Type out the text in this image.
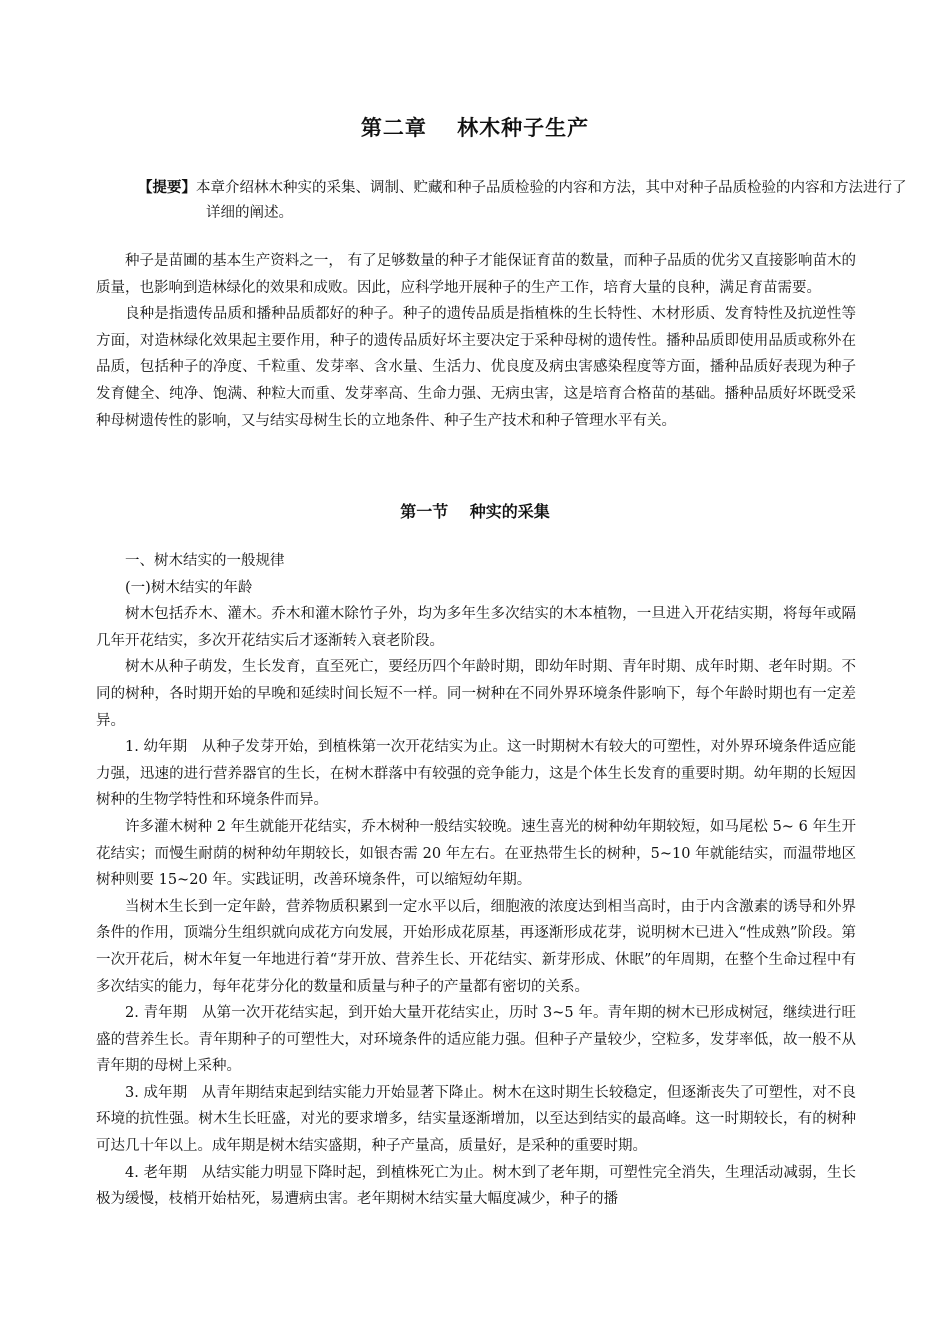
第二章　 林木种子生产

【提要】本章介绍林木种实的采集、调制、贮藏和种子品质检验的内容和方法，其中对种子品质检验的内容和方法进行了详细的阐述。

种子是苗圃的基本生产资料之一， 有了足够数量的种子才能保证育苗的数量，而种子品质的优劣又直接影响苗木的质量，也影响到造林绿化的效果和成败。因此，应科学地开展种子的生产工作，培育大量的良种，满足育苗需要。

良种是指遗传品质和播种品质都好的种子。种子的遗传品质是指植株的生长特性、木材形质、发育特性及抗逆性等方面，对造林绿化效果起主要作用，种子的遗传品质好坏主要决定于采种母树的遗传性。播种品质即使用品质或称外在品质，包括种子的净度、千粒重、发芽率、含水量、生活力、优良度及病虫害感染程度等方面，播种品质好表现为种子发育健全、纯净、饱满、种粒大而重、发芽率高、生命力强、无病虫害，这是培育合格苗的基础。播种品质好坏既受采种母树遗传性的影响，又与结实母树生长的立地条件、种子生产技术和种子管理水平有关。

第一节　 种实的采集

一、树木结实的一般规律

(一)树木结实的年龄

树木包括乔木、灌木。乔木和灌木除竹子外，均为多年生多次结实的木本植物，一旦进入开花结实期，将每年或隔几年开花结实，多次开花结实后才逐渐转入衰老阶段。

树木从种子萌发，生长发育，直至死亡，要经历四个年龄时期，即幼年时期、青年时期、成年时期、老年时期。不同的树种，各时期开始的早晚和延续时间长短不一样。同一树种在不同外界环境条件影响下，每个年龄时期也有一定差异。

1. 幼年期　从种子发芽开始，到植株第一次开花结实为止。这一时期树木有较大的可塑性，对外界环境条件适应能力强，迅速的进行营养器官的生长，在树木群落中有较强的竞争能力，这是个体生长发育的重要时期。幼年期的长短因树种的生物学特性和环境条件而异。

许多灌木树种 2 年生就能开花结实，乔木树种一般结实较晚。速生喜光的树种幼年期较短，如马尾松 5~ 6 年生开花结实；而慢生耐荫的树种幼年期较长，如银杏需 20 年左右。在亚热带生长的树种，5~10 年就能结实，而温带地区树种则要 15~20 年。实践证明，改善环境条件，可以缩短幼年期。

当树木生长到一定年龄，营养物质积累到一定水平以后，细胞液的浓度达到相当高时，由于内含激素的诱导和外界条件的作用，顶端分生组织就向成花方向发展，开始形成花原基，再逐渐形成花芽，说明树木已进入“性成熟”阶段。第一次开花后，树木年复一年地进行着“芽开放、营养生长、开花结实、新芽形成、休眠”的年周期，在整个生命过程中有多次结实的能力，每年花芽分化的数量和质量与种子的产量都有密切的关系。

2. 青年期　从第一次开花结实起，到开始大量开花结实止，历时 3~5 年。青年期的树木已形成树冠，继续进行旺盛的营养生长。青年期种子的可塑性大，对环境条件的适应能力强。但种子产量较少，空粒多，发芽率低，故一般不从青年期的母树上采种。

3. 成年期　从青年期结束起到结实能力开始显著下降止。树木在这时期生长较稳定，但逐渐丧失了可塑性，对不良环境的抗性强。树木生长旺盛，对光的要求增多，结实量逐渐增加，以至达到结实的最高峰。这一时期较长，有的树种可达几十年以上。成年期是树木结实盛期，种子产量高，质量好，是采种的重要时期。

4. 老年期　从结实能力明显下降时起，到植株死亡为止。树木到了老年期，可塑性完全消失，生理活动减弱，生长极为缓慢，枝梢开始枯死，易遭病虫害。老年期树木结实量大幅度减少，种子的播
